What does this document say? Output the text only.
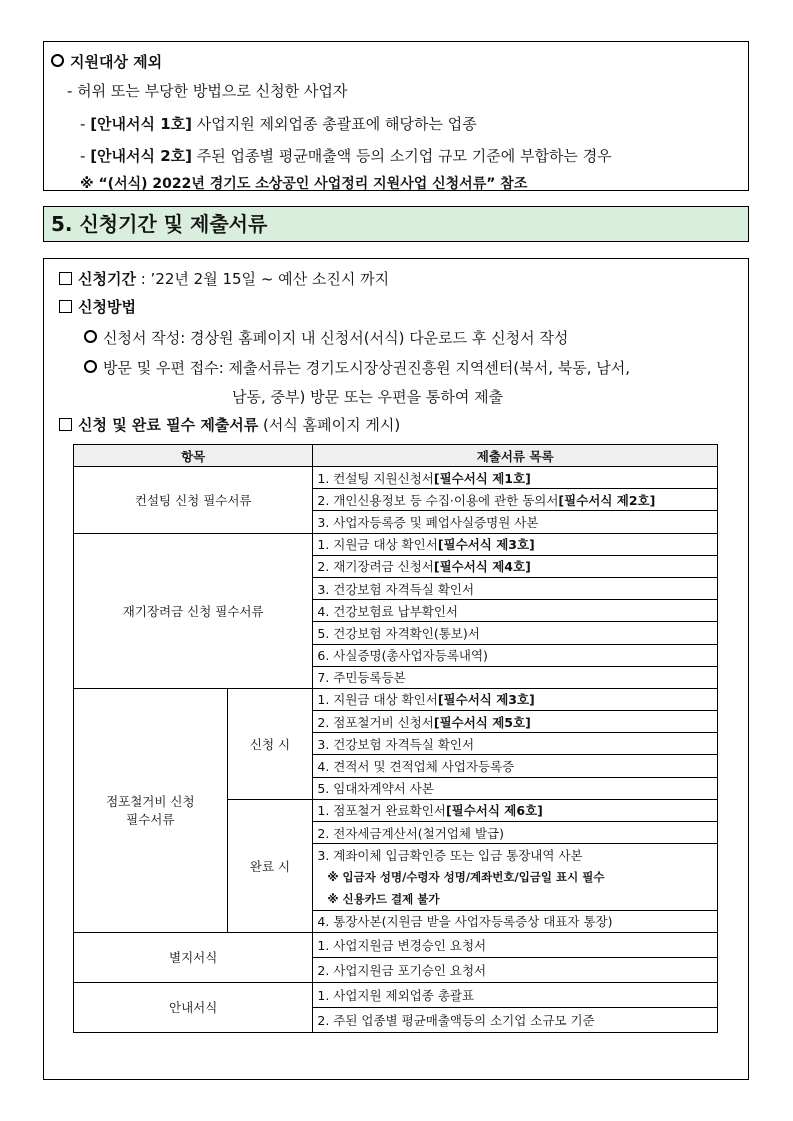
지원대상 제외
- 허위 또는 부당한 방법으로 신청한 사업자
- [안내서식 1호] 사업지원 제외업종 총괄표에 해당하는 업종
- [안내서식 2호] 주된 업종별 평균매출액 등의 소기업 규모 기준에 부합하는 경우
※ “(서식) 2022년 경기도 소상공인 사업정리 지원사업 신청서류” 참조
5. 신청기간 및 제출서류
신청기간 : ’22년 2월 15일 ~ 예산 소진시 까지
신청방법
신청서 작성: 경상원 홈페이지 내 신청서(서식) 다운로드 후 신청서 작성
방문 및 우편 접수: 제출서류는 경기도시장상권진흥원 지역센터(북서, 북동, 남서,
남동, 중부) 방문 또는 우편을 통하여 제출
신청 및 완료 필수 제출서류 (서식 홈페이지 게시)
항목		제출서류 목록
컨설팅 신청 필수서류		1. 컨설팅 지원신청서[필수서식 제1호]
		2. 개인신용정보 등 수집·이용에 관한 동의서[필수서식 제2호]
		3. 사업자등록증 및 폐업사실증명원 사본
재기장려금 신청 필수서류		1. 지원금 대상 확인서[필수서식 제3호]
		2. 재기장려금 신청서[필수서식 제4호]
		3. 건강보험 자격득실 확인서
		4. 건강보험료 납부확인서
		5. 건강보험 자격확인(통보)서
		6. 사실증명(총사업자등록내역)
		7. 주민등록등본
점포철거비 신청
필수서류	신청 시	1. 지원금 대상 확인서[필수서식 제3호]
		2. 점포철거비 신청서[필수서식 제5호]
		3. 건강보험 자격득실 확인서
		4. 견적서 및 견적업체 사업자등록증
		5. 임대차계약서 사본
	완료 시	1. 점포철거 완료확인서[필수서식 제6호]
		2. 전자세금계산서(철거업체 발급)
		3. 계좌이체 입금확인증 또는 입금 통장내역 사본
		※ 입금자 성명/수령자 성명/계좌번호/입금일 표시 필수
		※ 신용카드 결제 불가
		4. 통장사본(지원금 받을 사업자등록증상 대표자 통장)
별지서식		1. 사업지원금 변경승인 요청서
		2. 사업지원금 포기승인 요청서
안내서식		1. 사업지원 제외업종 총괄표
		2. 주된 업종별 평균매출액등의 소기업 소규모 기준
